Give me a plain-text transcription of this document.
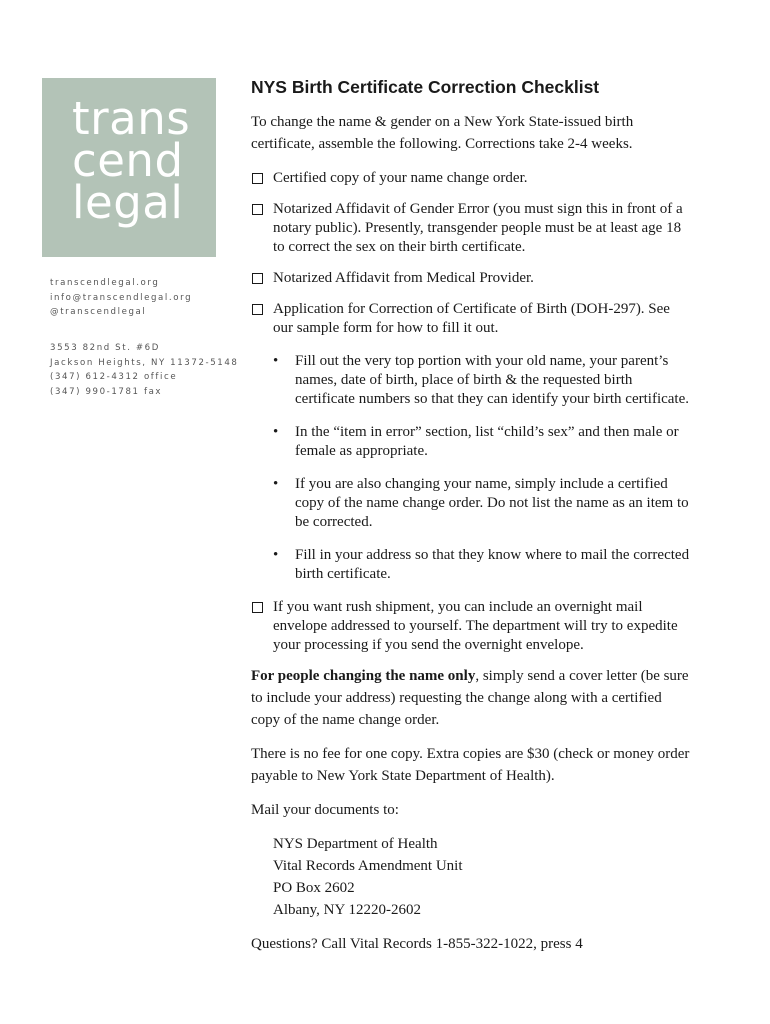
trans
cend
legal
transcendlegal.org
info@transcendlegal.org
@transcendlegal
3553 82nd St. #6D
Jackson Heights, NY 11372-5148
(347) 612-4312 office
(347) 990-1781 fax
NYS Birth Certificate Correction Checklist

To change the name & gender on a New York State-issued birth certificate, assemble the following. Corrections take 2-4 weeks.

Certified copy of your name change order.
Notarized Affidavit of Gender Error (you must sign this in front of a notary public). Presently, transgender people must be at least age 18 to correct the sex on their birth certificate.
Notarized Affidavit from Medical Provider.
Application for Correction of Certificate of Birth (DOH-297). See our sample form for how to fill it out.
• Fill out the very top portion with your old name, your parent’s names, date of birth, place of birth & the requested birth certificate numbers so that they can identify your birth certificate.
• In the “item in error” section, list “child’s sex” and then male or female as appropriate.
• If you are also changing your name, simply include a certified copy of the name change order. Do not list the name as an item to be corrected.
• Fill in your address so that they know where to mail the corrected birth certificate.
If you want rush shipment, you can include an overnight mail envelope addressed to yourself. The department will try to expedite your processing if you send the overnight envelope.

For people changing the name only, simply send a cover letter (be sure to include your address) requesting the change along with a certified copy of the name change order.

There is no fee for one copy. Extra copies are $30 (check or money order payable to New York State Department of Health).

Mail your documents to:

NYS Department of Health
Vital Records Amendment Unit
PO Box 2602
Albany, NY 12220-2602

Questions? Call Vital Records 1-855-322-1022, press 4
